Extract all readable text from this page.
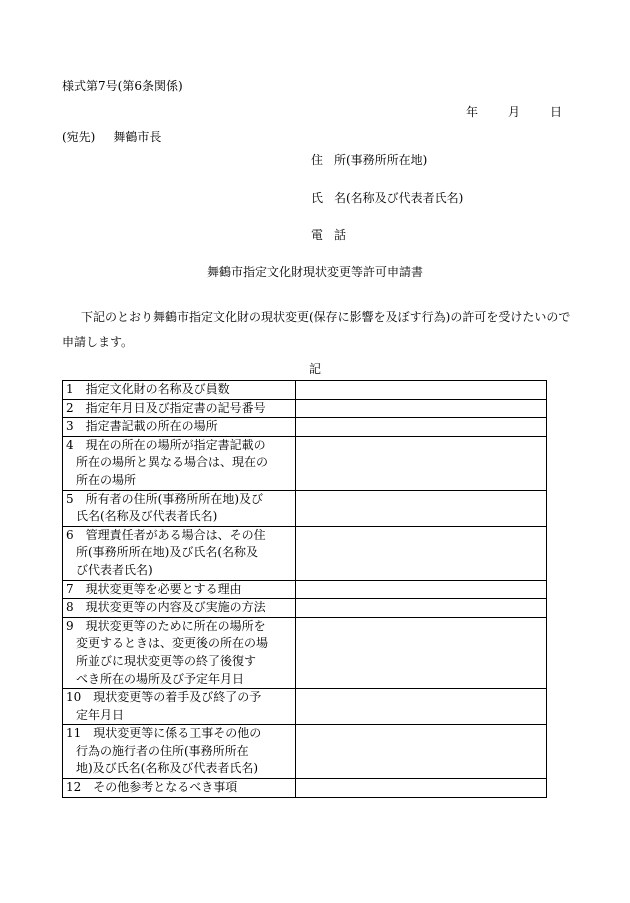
様式第7号(第6条関係)
年 月 日
(宛先) 舞鶴市長
住 所(事務所所在地)
氏 名(名称及び代表者氏名)
電 話
舞鶴市指定文化財現状変更等許可申請書
下記のとおり舞鶴市指定文化財の現状変更(保存に影響を及ぼす行為)の許可を受けたいので申請します。
記
1　指定文化財の名称及び員数	

2　指定年月日及び指定書の記号番号	

3　指定書記載の所在の場所	

4　現在の所在の場所が指定書記載の
所在の場所と異なる場合は、現在の
所在の場所	

5　所有者の住所(事務所所在地)及び
氏名(名称及び代表者氏名)	

6　管理責任者がある場合は、その住
所(事務所所在地)及び氏名(名称及
び代表者氏名)	

7　現状変更等を必要とする理由	

8　現状変更等の内容及び実施の方法	

9　現状変更等のために所在の場所を
変更するときは、変更後の所在の場
所並びに現状変更等の終了後復す
べき所在の場所及び予定年月日	

10　現状変更等の着手及び終了の予
定年月日	

11　現状変更等に係る工事その他の
行為の施行者の住所(事務所所在
地)及び氏名(名称及び代表者氏名)	

12　その他参考となるべき事項	
